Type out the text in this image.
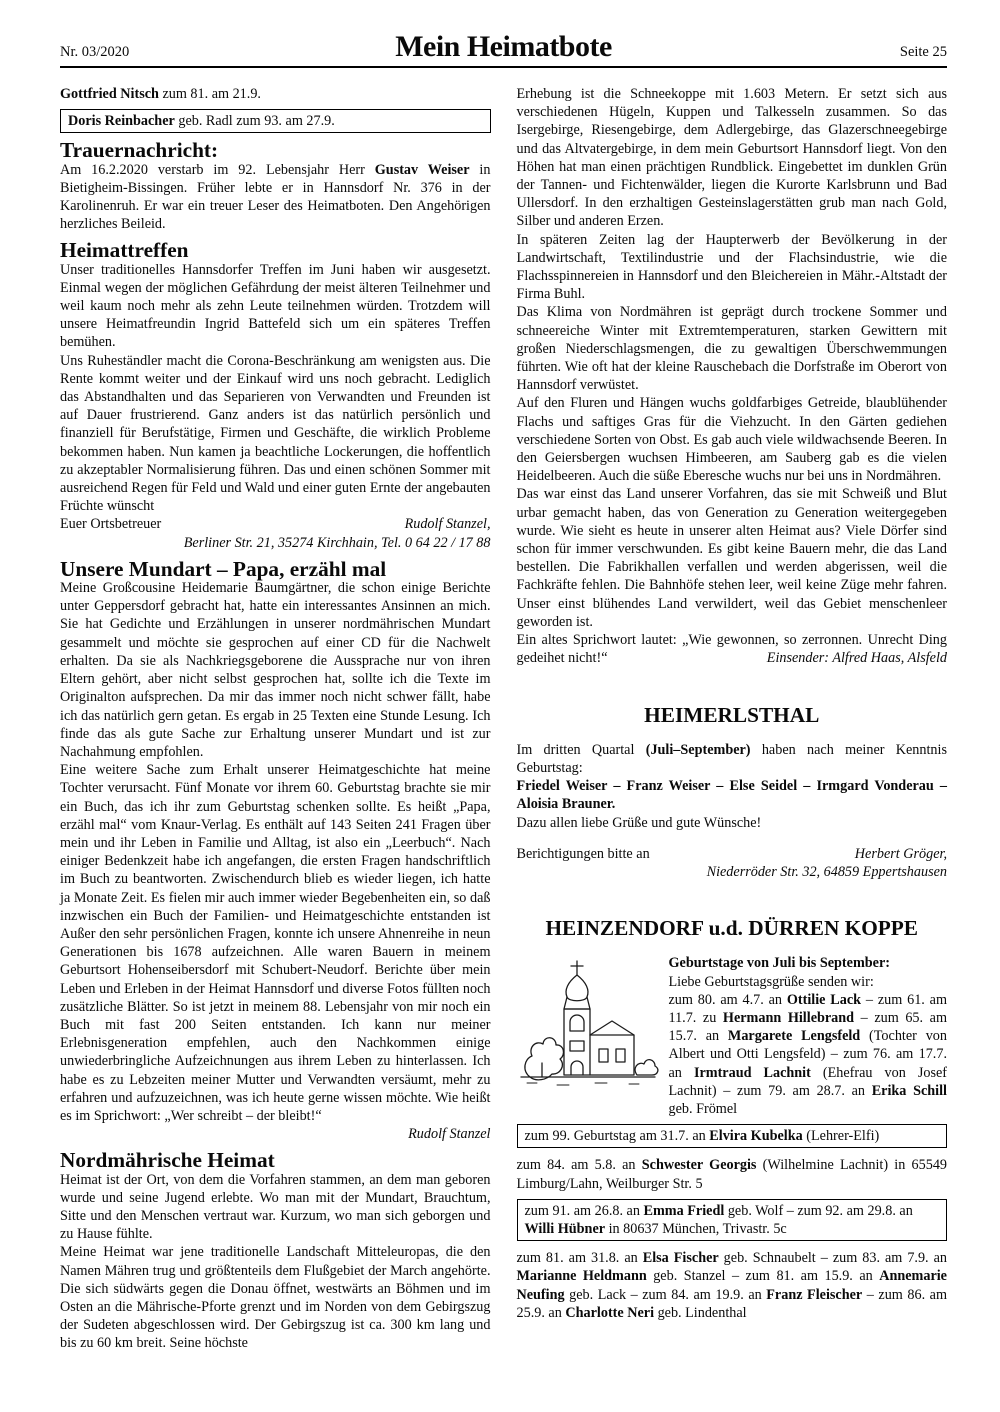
Nr. 03/2020	Mein Heimatbote	Seite 25

Gottfried Nitsch zum 81. am 21.9.

Doris Reinbacher geb. Radl zum 93. am 27.9.
Trauernachricht:

Am 16.2.2020 verstarb im 92. Lebensjahr Herr Gustav Weiser in Bietigheim-Bissingen. Früher lebte er in Hannsdorf Nr. 376 in der Karolinenruh. Er war ein treuer Leser des Heimatboten. Den Angehörigen herzliches Beileid.

Heimattreffen

Unser traditionelles Hannsdorfer Treffen im Juni haben wir ausgesetzt. Einmal wegen der möglichen Gefährdung der meist älteren Teilnehmer und weil kaum noch mehr als zehn Leute teilnehmen würden. Trotzdem will unsere Heimatfreundin Ingrid Battefeld sich um ein späteres Treffen bemühen.

Uns Ruheständler macht die Corona-Beschränkung am wenigsten aus. Die Rente kommt weiter und der Einkauf wird uns noch gebracht. Lediglich das Abstandhalten und das Separieren von Verwandten und Freunden ist auf Dauer frustrierend. Ganz anders ist das natürlich persönlich und finanziell für Berufstätige, Firmen und Geschäfte, die wirklich Probleme bekommen haben. Nun kamen ja beachtliche Lockerungen, die hoffentlich zu akzeptabler Normalisierung führen. Das und einen schönen Sommer mit ausreichend Regen für Feld und Wald und einer guten Ernte der angebauten Früchte wünscht

Euer Ortsbetreuer	Rudolf Stanzel,
Berliner Str. 21, 35274 Kirchhain, Tel. 0 64 22 / 17 88
Unsere Mundart – Papa, erzähl mal

Meine Großcousine Heidemarie Baumgärtner, die schon einige Berichte unter Geppersdorf gebracht hat, hatte ein interessantes Ansinnen an mich. Sie hat Gedichte und Erzählungen in unserer nordmährischen Mundart gesammelt und möchte sie gesprochen auf einer CD für die Nachwelt erhalten. Da sie als Nachkriegsgeborene die Aussprache nur von ihren Eltern gehört, aber nicht selbst gesprochen hat, sollte ich die Texte im Originalton aufsprechen. Da mir das immer noch nicht schwer fällt, habe ich das natürlich gern getan. Es ergab in 25 Texten eine Stunde Lesung. Ich finde das als gute Sache zur Erhaltung unserer Mundart und ist zur Nachahmung empfohlen.

Eine weitere Sache zum Erhalt unserer Heimatgeschichte hat meine Tochter verursacht. Fünf Monate vor ihrem 60. Geburtstag brachte sie mir ein Buch, das ich ihr zum Geburtstag schenken sollte. Es heißt „Papa, erzähl mal“ vom Knaur-Verlag. Es enthält auf 143 Seiten 241 Fragen über mein und ihr Leben in Familie und Alltag, ist also ein „Leerbuch“. Nach einiger Bedenkzeit habe ich angefangen, die ersten Fragen handschriftlich im Buch zu beantworten. Zwischendurch blieb es wieder liegen, ich hatte ja Monate Zeit. Es fielen mir auch immer wieder Begebenheiten ein, so daß inzwischen ein Buch der Familien- und Heimatgeschichte entstanden ist Außer den sehr persönlichen Fragen, konnte ich unsere Ahnenreihe in neun Generationen bis 1678 aufzeichnen. Alle waren Bauern in meinem Geburtsort Hohenseibersdorf mit Schubert-Neudorf. Berichte über mein Leben und Erleben in der Heimat Hannsdorf und diverse Fotos füllten noch zusätzliche Blätter. So ist jetzt in meinem 88. Lebensjahr von mir noch ein Buch mit fast 200 Seiten entstanden. Ich kann nur meiner Erlebnisgeneration empfehlen, auch den Nachkommen einige unwiederbringliche Aufzeichnungen aus ihrem Leben zu hinterlassen. Ich habe es zu Lebzeiten meiner Mutter und Verwandten versäumt, mehr zu erfahren und aufzuzeichnen, was ich heute gerne wissen möchte. Wie heißt es im Sprichwort: „Wer schreibt – der bleibt!“

Rudolf Stanzel
Nordmährische Heimat

Heimat ist der Ort, von dem die Vorfahren stammen, an dem man geboren wurde und seine Jugend erlebte. Wo man mit der Mundart, Brauchtum, Sitte und den Menschen vertraut war. Kurzum, wo man sich geborgen und zu Hause fühlte.

Meine Heimat war jene traditionelle Landschaft Mitteleuropas, die den Namen Mähren trug und größtenteils dem Flußgebiet der March angehörte. Die sich südwärts gegen die Donau öffnet, westwärts an Böhmen und im Osten an die Mährische-Pforte grenzt und im Norden von dem Gebirgszug der Sudeten abgeschlossen wird. Der Gebirgszug ist ca. 300 km lang und bis zu 60 km breit. Seine höchste

Erhebung ist die Schneekoppe mit 1.603 Metern. Er setzt sich aus verschiedenen Hügeln, Kuppen und Talkesseln zusammen. So das Isergebirge, Riesengebirge, dem Adlergebirge, das Glazerschneegebirge und das Altvatergebirge, in dem mein Geburtsort Hannsdorf liegt. Von den Höhen hat man einen prächtigen Rundblick. Eingebettet im dunklen Grün der Tannen- und Fichtenwälder, liegen die Kurorte Karlsbrunn und Bad Ullersdorf. In den erzhaltigen Gesteinslagerstätten grub man nach Gold, Silber und anderen Erzen.

In späteren Zeiten lag der Haupterwerb der Bevölkerung in der Landwirtschaft, Textilindustrie und der Flachsindustrie, wie die Flachsspinnereien in Hannsdorf und den Bleichereien in Mähr.-Altstadt der Firma Buhl.

Das Klima von Nordmähren ist geprägt durch trockene Sommer und schneereiche Winter mit Extremtemperaturen, starken Gewittern mit großen Niederschlagsmengen, die zu gewaltigen Überschwemmungen führten. Wie oft hat der kleine Rauschebach die Dorfstraße im Oberort von Hannsdorf verwüstet.

Auf den Fluren und Hängen wuchs goldfarbiges Getreide, blaublühender Flachs und saftiges Gras für die Viehzucht. In den Gärten gediehen verschiedene Sorten von Obst. Es gab auch viele wildwachsende Beeren. In den Geiersbergen wuchsen Himbeeren, am Sauberg gab es die vielen Heidelbeeren. Auch die süße Eberesche wuchs nur bei uns in Nordmähren.

Das war einst das Land unserer Vorfahren, das sie mit Schweiß und Blut urbar gemacht haben, das von Generation zu Generation weitergegeben wurde. Wie sieht es heute in unserer alten Heimat aus? Viele Dörfer sind schon für immer verschwunden. Es gibt keine Bauern mehr, die das Land bestellen. Die Fabrikhallen verfallen und werden abgerissen, weil die Fachkräfte fehlen. Die Bahnhöfe stehen leer, weil keine Züge mehr fahren. Unser einst blühendes Land verwildert, weil das Gebiet menschenleer geworden ist.

Ein altes Sprichwort lautet: „Wie gewonnen, so zerronnen. Unrecht Ding gedeihet nicht!“	Einsender: Alfred Haas, Alsfeld
HEIMERLSTHAL

Im dritten Quartal (Juli–September) haben nach meiner Kenntnis Geburtstag:

Friedel Weiser – Franz Weiser – Else Seidel – Irmgard Vonderau – Aloisia Brauner.

Dazu allen liebe Grüße und gute Wünsche!

Berichtigungen bitte an	Herbert Gröger,
Niederröder Str. 32, 64859 Eppertshausen
HEINZENDORF u.d. DÜRREN KOPPE

Geburtstage von Juli bis September:

Liebe Geburtstagsgrüße senden wir:

zum 80. am 4.7. an Ottilie Lack – zum 61. am 11.7. zu Hermann Hillebrand – zum 65. am 15.7. an Margarete Lengsfeld (Tochter von Albert und Otti Lengsfeld) – zum 76. am 17.7. an Irmtraud Lachnit (Ehefrau von Josef Lachnit) – zum 79. am 28.7. an Erika Schill geb. Frömel

zum 99. Geburtstag am 31.7. an Elvira Kubelka (Lehrer-Elfi)

zum 84. am 5.8. an Schwester Georgis (Wilhelmine Lachnit) in 65549 Limburg/Lahn, Weilburger Str. 5

zum 91. am 26.8. an Emma Friedl geb. Wolf – zum 92. am 29.8. an Willi Hübner in 80637 München, Trivastr. 5c

zum 81. am 31.8. an Elsa Fischer geb. Schnaubelt – zum 83. am 7.9. an Marianne Heldmann geb. Stanzel – zum 81. am 15.9. an Annemarie Neufing geb. Lack – zum 84. am 19.9. an Franz Fleischer – zum 86. am 25.9. an Charlotte Neri geb. Lindenthal
